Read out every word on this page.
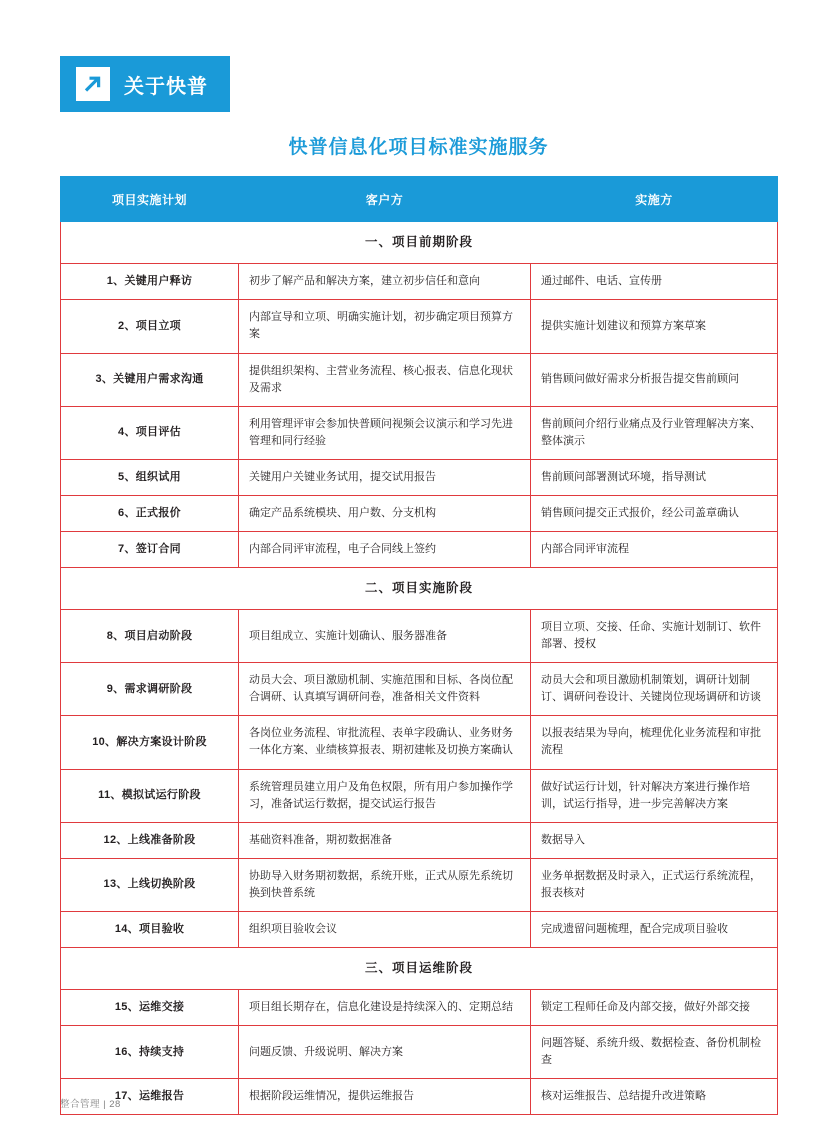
关于快普
快普信息化项目标准实施服务
项目实施计划	客户方	实施方
一、项目前期阶段		
1、关键用户释访	初步了解产品和解决方案，建立初步信任和意向	通过邮件、电话、宣传册
2、项目立项	内部宣导和立项、明确实施计划，初步确定项目预算方案	提供实施计划建议和预算方案草案
3、关键用户需求沟通	提供组织架构、主营业务流程、核心报表、信息化现状及需求	销售顾问做好需求分析报告提交售前顾问
4、项目评估	利用管理评审会参加快普顾问视频会议演示和学习先进管理和同行经验	售前顾问介绍行业痛点及行业管理解决方案、整体演示
5、组织试用	关键用户关键业务试用，提交试用报告	售前顾问部署测试环境，指导测试
6、正式报价	确定产品系统模块、用户数、分支机构	销售顾问提交正式报价，经公司盖章确认
7、签订合同	内部合同评审流程，电子合同线上签约	内部合同评审流程
二、项目实施阶段		
8、项目启动阶段	项目组成立、实施计划确认、服务器准备	项目立项、交接、任命、实施计划制订、软件部署、授权
9、需求调研阶段	动员大会、项目激励机制、实施范围和目标、各岗位配合调研、认真填写调研问卷，准备相关文件资料	动员大会和项目激励机制策划，调研计划制订、调研问卷设计、关键岗位现场调研和访谈
10、解决方案设计阶段	各岗位业务流程、审批流程、表单字段确认、业务财务一体化方案、业绩核算报表、期初建帐及切换方案确认	以报表结果为导向，梳理优化业务流程和审批流程
11、模拟试运行阶段	系统管理员建立用户及角色权限，所有用户参加操作学习，准备试运行数据，提交试运行报告	做好试运行计划，针对解决方案进行操作培训，试运行指导，进一步完善解决方案
12、上线准备阶段	基础资料准备，期初数据准备	数据导入
13、上线切换阶段	协助导入财务期初数据，系统开账，正式从原先系统切换到快普系统	业务单据数据及时录入，正式运行系统流程，报表核对
14、项目验收	组织项目验收会议	完成遗留问题梳理，配合完成项目验收
三、项目运维阶段		
15、运维交接	项目组长期存在，信息化建设是持续深入的、定期总结	锁定工程师任命及内部交接，做好外部交接
16、持续支持	问题反馈、升级说明、解决方案	问题答疑、系统升级、数据检查、备份机制检查
17、运维报告	根据阶段运维情况，提供运维报告	核对运维报告、总结提升改进策略
整合管理 | 28
